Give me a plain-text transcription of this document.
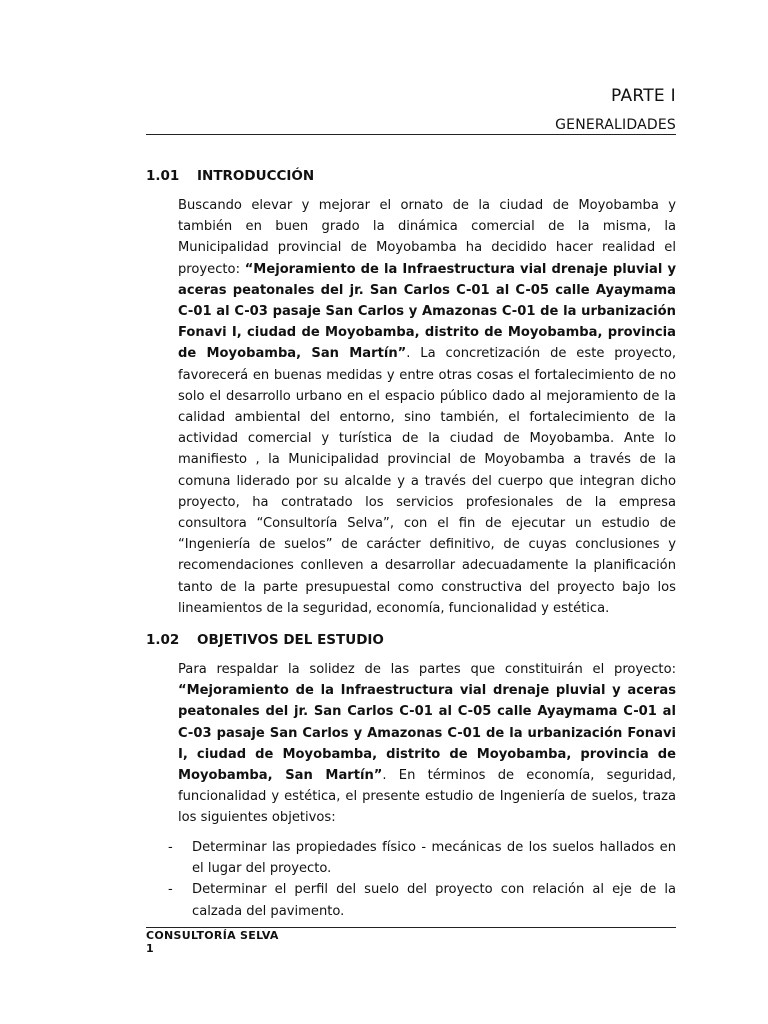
PARTE I
GENERALIDADES
1.01 INTRODUCCIÓN

Buscando elevar y mejorar el ornato de la ciudad de Moyobamba y también en buen grado la dinámica comercial de la misma, la Municipalidad provincial de Moyobamba ha decidido hacer realidad el proyecto: “Mejoramiento de la Infraestructura vial drenaje pluvial y aceras peatonales del jr. San Carlos C-01 al C-05 calle Ayaymama C-01 al C-03 pasaje San Carlos y Amazonas C-01 de la urbanización Fonavi I, ciudad de Moyobamba, distrito de Moyobamba, provincia de Moyobamba, San Martín”. La concretización de este proyecto, favorecerá en buenas medidas y entre otras cosas el fortalecimiento de no solo el desarrollo urbano en el espacio público dado al mejoramiento de la calidad ambiental del entorno, sino también, el fortalecimiento de la actividad comercial y turística de la ciudad de Moyobamba. Ante lo manifiesto , la Municipalidad provincial de Moyobamba a través de la comuna liderado por su alcalde y a través del cuerpo que integran dicho proyecto, ha contratado los servicios profesionales de la empresa consultora “Consultoría Selva”, con el fin de ejecutar un estudio de “Ingeniería de suelos” de carácter definitivo, de cuyas conclusiones y recomendaciones conlleven a desarrollar adecuadamente la planificación tanto de la parte presupuestal como constructiva del proyecto bajo los lineamientos de la seguridad, economía, funcionalidad y estética.

1.02 OBJETIVOS DEL ESTUDIO

Para respaldar la solidez de las partes que constituirán el proyecto: “Mejoramiento de la Infraestructura vial drenaje pluvial y aceras peatonales del jr. San Carlos C-01 al C-05 calle Ayaymama C-01 al C-03 pasaje San Carlos y Amazonas C-01 de la urbanización Fonavi I, ciudad de Moyobamba, distrito de Moyobamba, provincia de Moyobamba, San Martín”. En términos de economía, seguridad, funcionalidad y estética, el presente estudio de Ingeniería de suelos, traza los siguientes objetivos:

- Determinar las propiedades físico - mecánicas de los suelos hallados en el lugar del proyecto.
- Determinar el perfil del suelo del proyecto con relación al eje de la calzada del pavimento.
CONSULTORÍA SELVA
1
